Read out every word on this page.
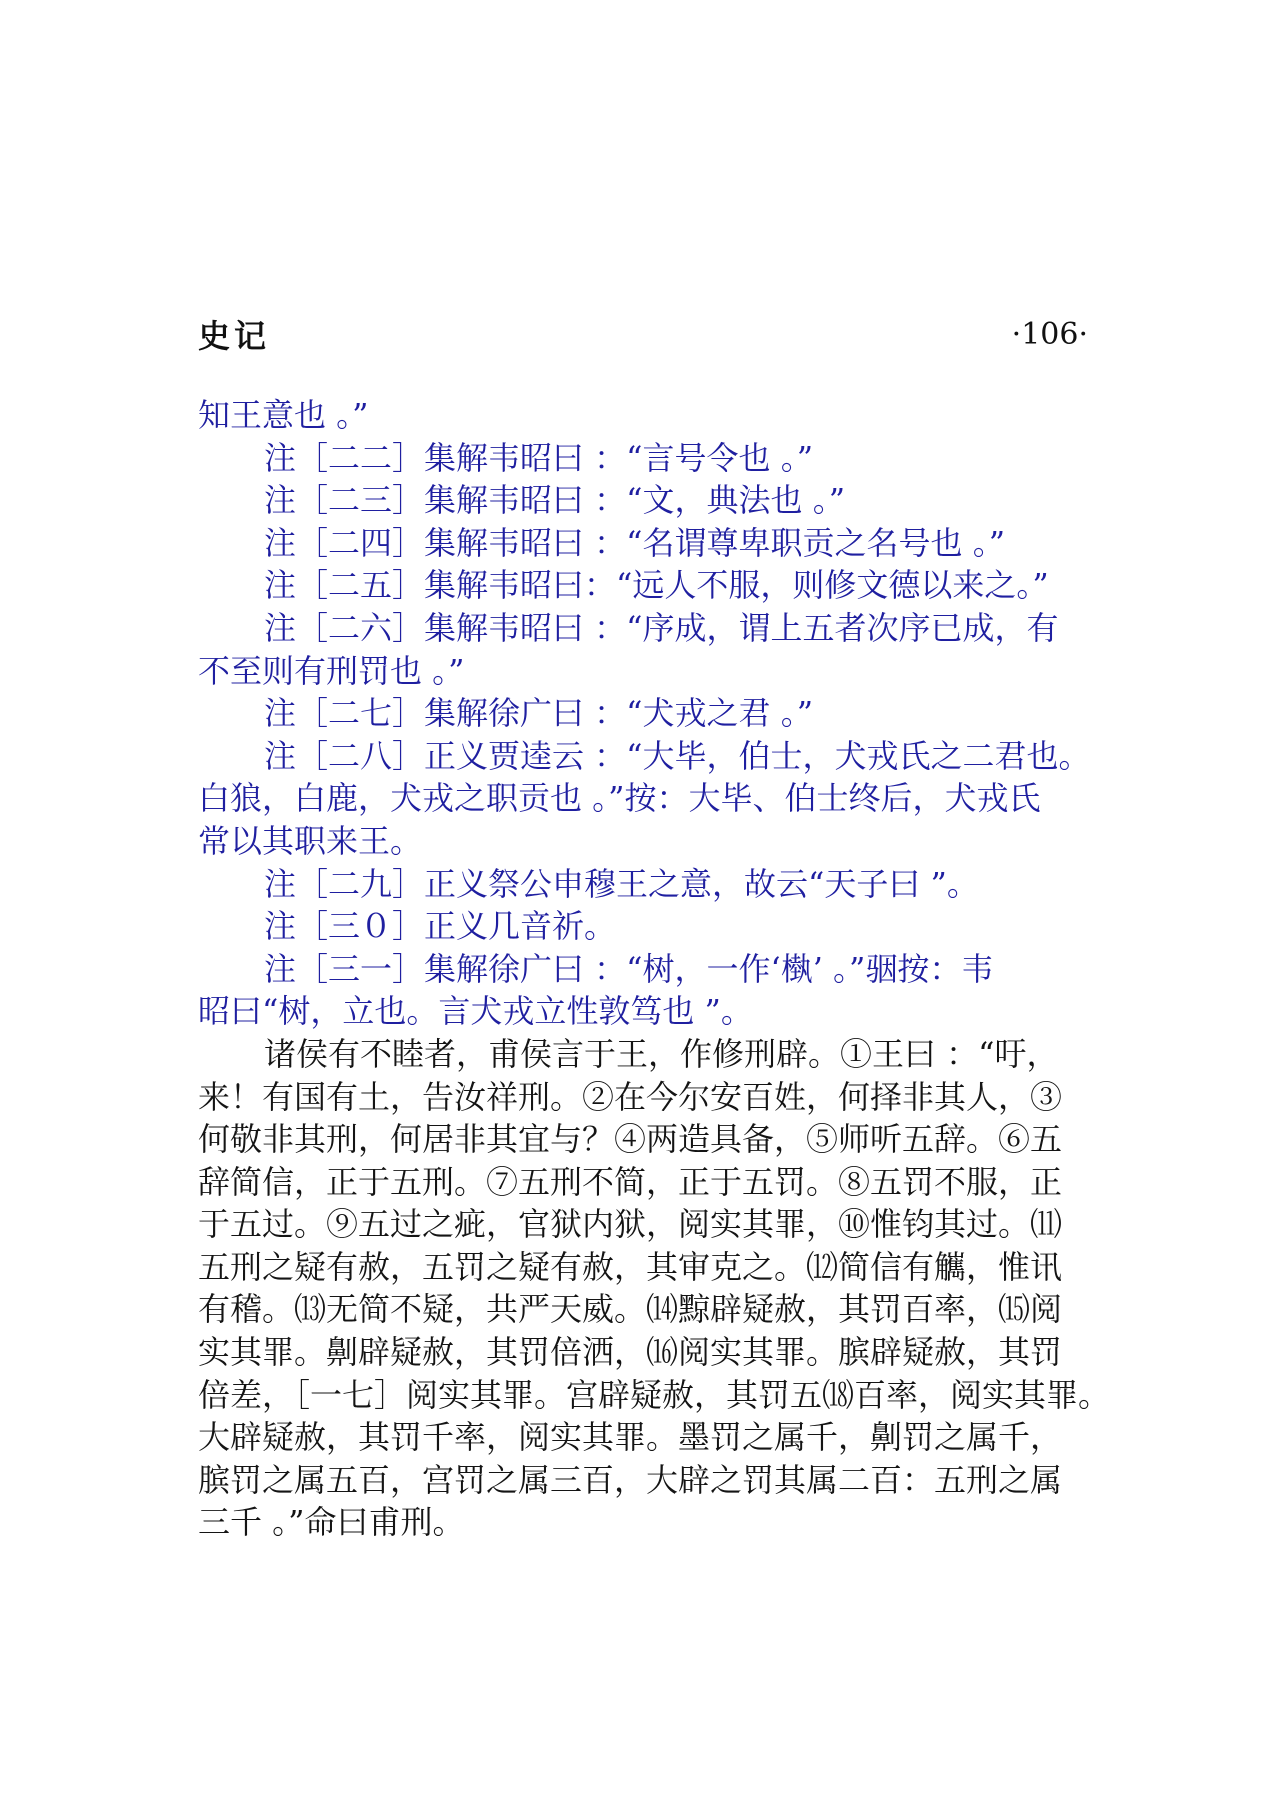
史记	·106·

知王意也 。”

注［二二］集解韦昭曰 ：“言号令也 。”

注［二三］集解韦昭曰 ：“文，典法也 。”

注［二四］集解韦昭曰 ：“名谓尊卑职贡之名号也 。”

注［二五］集解韦昭曰：“远人不服，则修文德以来之。”

注［二六］集解韦昭曰 ：“序成，谓上五者次序已成，有

不至则有刑罚也 。”

注［二七］集解徐广曰 ：“犬戎之君 。”

注［二八］正义贾逵云 ：“大毕，伯士，犬戎氏之二君也。

白狼，白鹿，犬戎之职贡也 。”按：大毕、伯士终后，犬戎氏

常以其职来王。

注［二九］正义祭公申穆王之意，故云“天子曰 ”。

注［三０］正义几音祈。

注［三一］集解徐广曰 ：“树，一作‘槸’ 。”骃按：韦

昭曰“树，立也。言犬戎立性敦笃也 ”。

诸侯有不睦者，甫侯言于王，作修刑辟。①王曰 ：“吁，

来！有国有土，告汝祥刑。②在今尔安百姓，何择非其人，③

何敬非其刑，何居非其宜与？④两造具备，⑤师听五辞。⑥五

辞简信，正于五刑。⑦五刑不简，正于五罚。⑧五罚不服，正

于五过。⑨五过之疵，官狱内狱，阅实其罪，⑩惟钧其过。⑾

五刑之疑有赦，五罚之疑有赦，其审克之。⑿简信有觽，惟讯

有稽。⒀无简不疑，共严天威。⒁黥辟疑赦，其罚百率，⒂阅

实其罪。劓辟疑赦，其罚倍洒，⒃阅实其罪。膑辟疑赦，其罚

倍差，［一七］阅实其罪。宫辟疑赦，其罚五⒅百率，阅实其罪。

大辟疑赦，其罚千率，阅实其罪。墨罚之属千，劓罚之属千，

膑罚之属五百，宫罚之属三百，大辟之罚其属二百：五刑之属

三千 。”命曰甫刑。
